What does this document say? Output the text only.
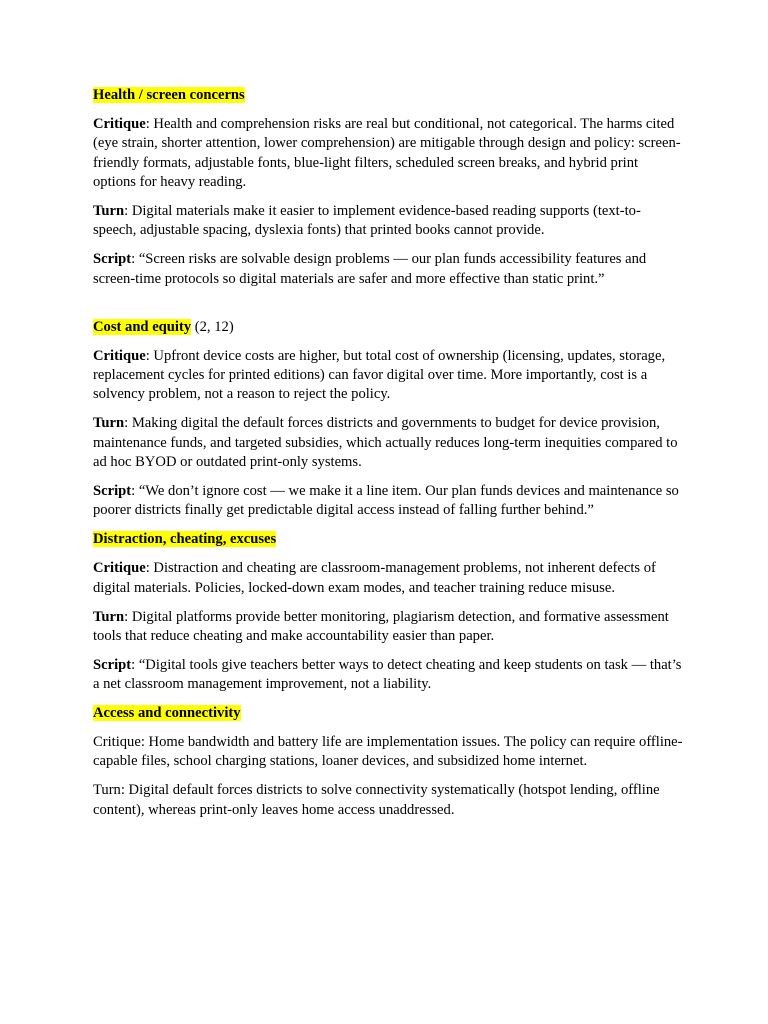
Health / screen concerns

Critique: Health and comprehension risks are real but conditional, not categorical. The harms cited (eye strain, shorter attention, lower comprehension) are mitigable through design and policy: screen-friendly formats, adjustable fonts, blue-light filters, scheduled screen breaks, and hybrid print options for heavy reading.

Turn: Digital materials make it easier to implement evidence-based reading supports (text-to-speech, adjustable spacing, dyslexia fonts) that printed books cannot provide.

Script: “Screen risks are solvable design problems — our plan funds accessibility features and screen-time protocols so digital materials are safer and more effective than static print.”

Cost and equity (2, 12)

Critique: Upfront device costs are higher, but total cost of ownership (licensing, updates, storage, replacement cycles for printed editions) can favor digital over time. More importantly, cost is a solvency problem, not a reason to reject the policy.

Turn: Making digital the default forces districts and governments to budget for device provision, maintenance funds, and targeted subsidies, which actually reduces long-term inequities compared to ad hoc BYOD or outdated print-only systems.

Script: “We don’t ignore cost — we make it a line item. Our plan funds devices and maintenance so poorer districts finally get predictable digital access instead of falling further behind.”

Distraction, cheating, excuses

Critique: Distraction and cheating are classroom-management problems, not inherent defects of digital materials. Policies, locked-down exam modes, and teacher training reduce misuse.

Turn: Digital platforms provide better monitoring, plagiarism detection, and formative assessment tools that reduce cheating and make accountability easier than paper.

Script: “Digital tools give teachers better ways to detect cheating and keep students on task — that’s a net classroom management improvement, not a liability.

Access and connectivity

Critique: Home bandwidth and battery life are implementation issues. The policy can require offline-capable files, school charging stations, loaner devices, and subsidized home internet.

Turn: Digital default forces districts to solve connectivity systematically (hotspot lending, offline content), whereas print-only leaves home access unaddressed.
